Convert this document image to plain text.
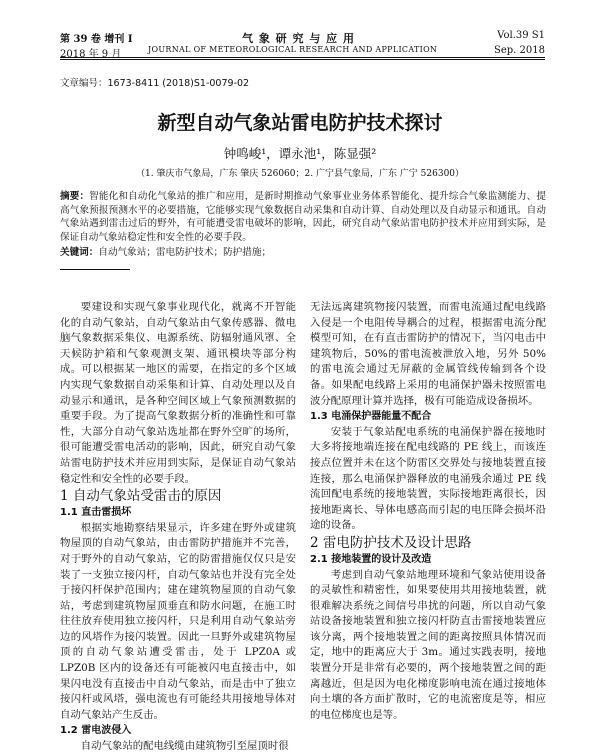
第 39 卷 增刊 I	气 象 研 究 与 应 用	Vol.39 S1
2018 年 9 月	JOURNAL OF METEOROLOGICAL RESEARCH AND APPLICATION	Sep. 2018
文章编号：1673-8411 (2018)S1-0079-02
新型自动气象站雷电防护技术探讨
钟鸣峻¹，谭永池¹，陈显强²
（1. 肇庆市气象局，广东 肇庆 526060；2. 广宁县气象局，广东 广宁 526300）
摘要：智能化和自动化气象站的推广和应用，是新时期推动气象事业业务体系智能化、提升综合气象监测能力、提高气象预报预测水平的必要措施，它能够实现气象数据自动采集和自动计算、自动处理以及自动显示和通讯。自动气象站遇到雷击过后的野外，有可能遭受雷电破坏的影响，因此，研究自动气象站雷电防护技术并应用到实际，是保证自动气象站稳定性和安全性的必要手段。
关键词：自动气象站；雷电防护技术；防护措施；

要建设和实现气象事业现代化，就离不开智能化的自动气象站，自动气象站由气象传感器、微电脑气象数据采集仪、电源系统、防辐射通风罩、全天候防护箱和气象观测支架、通讯模块等部分构成。可以根据某一地区的需要，在指定的多个区域内实现气象数据自动采集和计算、自动处理以及自动显示和通讯，是各种空间区域上气象预测数据的重要手段。为了提高气象数据分析的准确性和可靠性，大部分自动气象站选址都在野外空旷的场所，很可能遭受雷电活动的影响，因此，研究自动气象站雷电防护技术并应用到实际，是保证自动气象站稳定性和安全性的必要手段。

1 自动气象站受雷击的原因

1.1 直击雷损坏

根据实地勘察结果显示，许多建在野外或建筑物屋顶的自动气象站，由击雷防护措施并不完善，对于野外的自动气象站，它的防雷措施仅仅只是安装了一支独立接闪杆，自动气象站也并没有完全处于接闪杆保护范围内；建在建筑物屋顶的自动气象站，考虑到建筑物屋顶垂直和防水问题，在施工时往往放弃使用独立接闪杆，只是利用自动气象站旁边的风塔作为接闪装置。因此一旦野外或建筑物屋顶的自动气象站遭受雷击，处于 LPZ0A 或 LPZ0B 区内的设备还有可能被闪电直接击中，如果闪电没有直接击中自动气象站，而是击中了独立接闪杆或风塔，强电流也有可能经共用接地导体对自动气象站产生反击。

1.2 雷电波侵入

自动气象站的配电线缆由建筑物引至屋顶时很

无法远离建筑物接闪装置，而雷电流通过配电线路入侵是一个电阻传导耦合的过程，根据雷电流分配模型可知，在有直击雷防护的情况下，当闪电击中建筑物后，50%的雷电流被泄放入地，另外 50%的雷电流会通过无屏蔽的金属管线传输到各个设备。如果配电线路上采用的电涌保护器未按照雷电波分配原理计算并选择，极有可能造成设备损坏。

1.3 电涌保护器能量不配合

安装于气象站配电系统的电涌保护器在接地时大多将接地端连接在配电线路的 PE 线上，而该连接点位置并未在这个防雷区交界处与接地装置直接连接，那么电涌保护器释放的电涌残余通过 PE 线流回配电系统的接地装置，实际接地距离很长，因接地距离长、导体电感高而引起的电压降会损坏沿途的设备。

2 雷电防护技术及设计思路

2.1 接地装置的设计及改造

考虑到自动气象站地理环境和气象站使用设备的灵敏性和精密性，如果要使用共用接地装置，就很难解决系统之间信号串扰的问题，所以自动气象站设备接地装置和独立接闪杆防直击雷接地装置应该分离，两个接地装置之间的距离按照具体情况而定，地中的距离应大于 3m。通过实践表明，接地装置分开是非常有必要的，两个接地装置之间的距离越近，但是因为电化梯度影响电流在通过接地体向土壤的各方面扩散时，它的电流密度是等，相应的电位梯度也是等。
